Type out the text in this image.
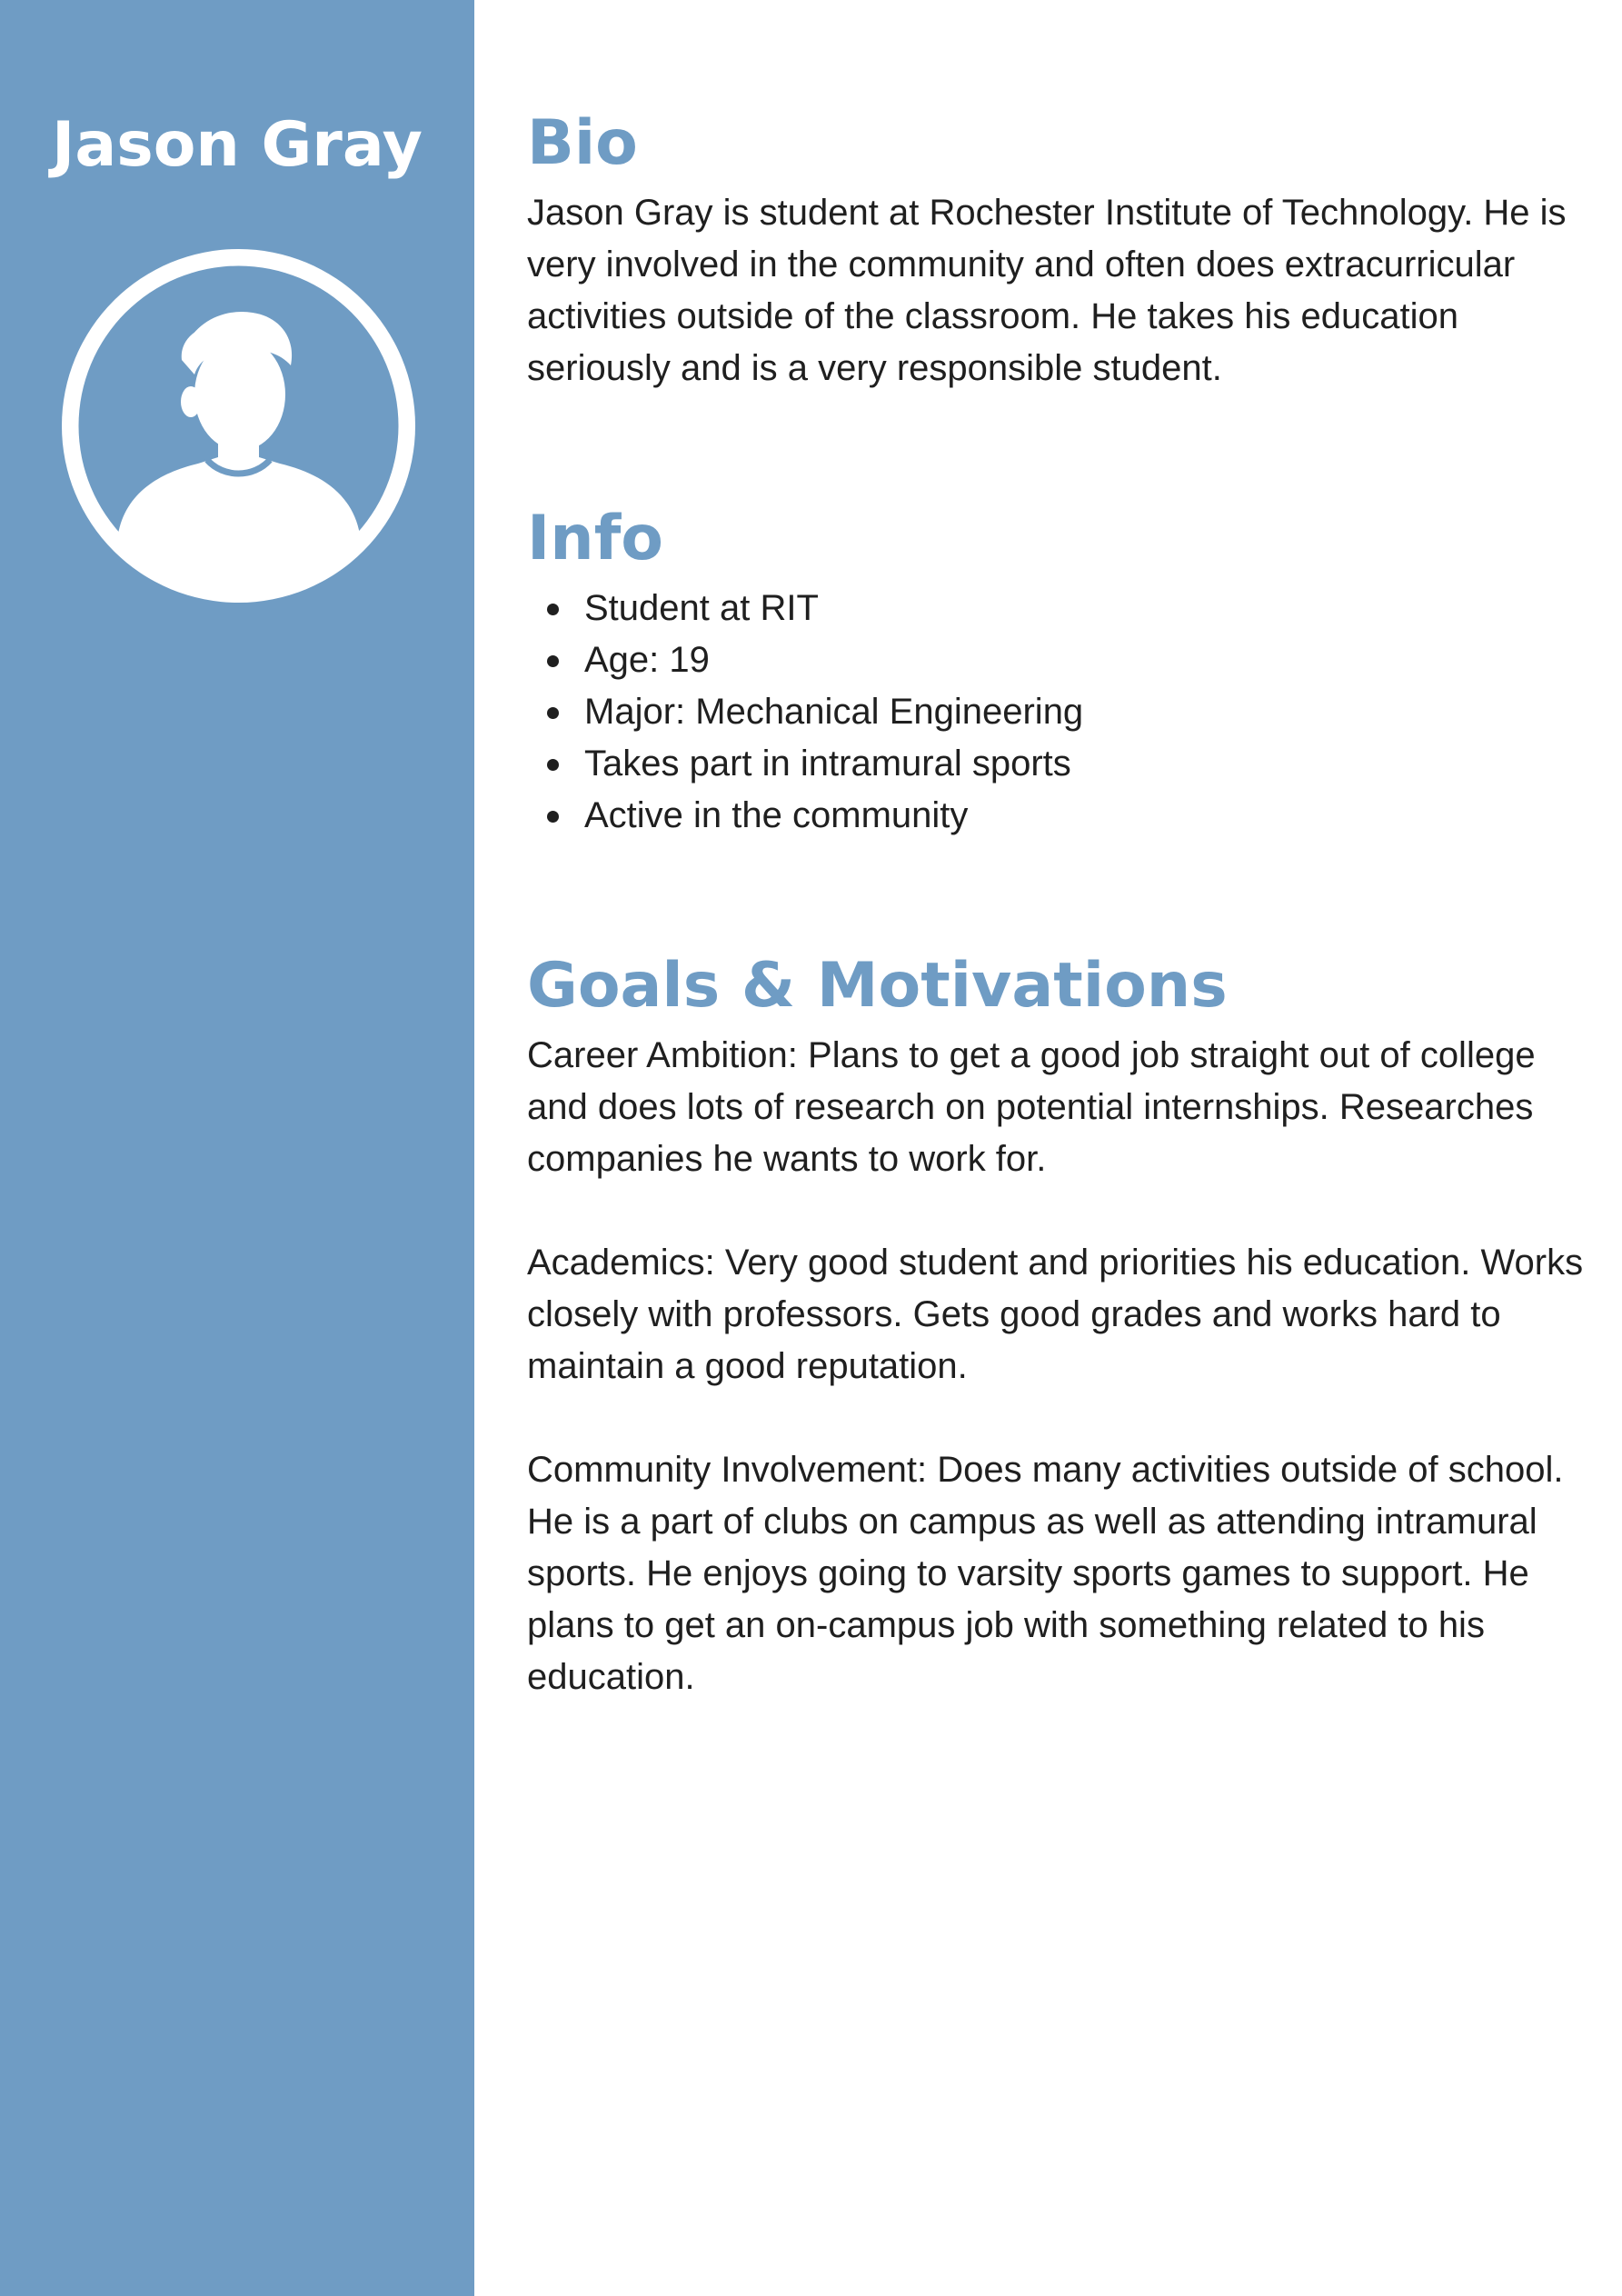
Jason Gray	Bio

Jason Gray is student at Rochester Institute of Technology. He is very involved in the community and often does extracurricular activities outside of the classroom. He takes his education seriously and is a very responsible student.

Info
Student at RIT
Age: 19
Major: Mechanical Engineering
Takes part in intramural sports
Active in the community
Goals & Motivations

Career Ambition: Plans to get a good job straight out of college and does lots of research on potential internships. Researches companies he wants to work for.

Academics: Very good student and priorities his education. Works closely with professors. Gets good grades and works hard to maintain a good reputation.

Community Involvement: Does many activities outside of school. He is a part of clubs on campus as well as attending intramural sports. He enjoys going to varsity sports games to support. He plans to get an on-campus job with something related to his education.
